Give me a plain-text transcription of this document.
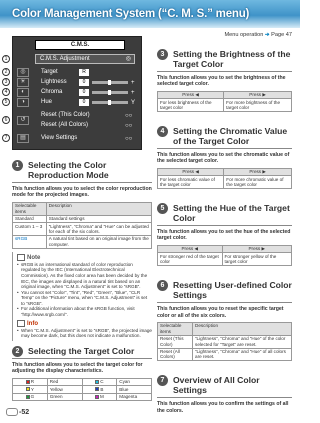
Color Management System (“C. M. S.” menu)
C.M.S.
C.M.S. Adjustment	◎
1
Target	R
2	◎
Lightness	0	+
3	☀
Chroma	0	+
4	◐
Hue	0	Y
5	◑
Reset (This Color)	○○
Reset (All Colors)	○○
6	↺
View Settings	○○
7	▤
1 Selecting the Color Reproduction Mode
This function allows you to select the color reproduction mode for the projected images.
Selectable items	Description
Standard	Standard settings
Custom 1 – 3	“Lightness”, “Chroma” and “Hue” can be adjusted for each of the six colors.
sRGB	A natural tint based on an original image from the computer.
Note
• sRGB is an international standard of color reproduction regulated by the IEC (International Electrotechnical Commission). As the fixed color area has been decided by the IEC, the images are displayed in a natural tint based on an original image, when “C.M.S. Adjustment” is set to “sRGB”.
• You cannot set “Color”, “Tint”, “Red”, “Green”, “Blue”, “CLR Temp” on the “Picture” menu, when “C.M.S. Adjustment” is set to “sRGB”.
• For additional information about the sRGB function, visit “http://www.srgb.com/”.
Info
• When “C.M.S. Adjustment” is set to “sRGB”, the projected image may become dark, but this does not indicate a malfunction.
2 Selecting the Target Color
This function allows you to select the target color for adjusting the display characteristics.
R	Red	C	Cyan
Y	Yellow	B	Blue
G	Green	M	Magenta
Menu operation ➔ Page 47
3 Setting the Brightness of the Target Color
This function allows you to set the brightness of the selected target color.
Press ◀	Press ▶
For less brightness of the target color	For more brightness of the target color
4 Setting the Chromatic Value of the Target Color
This function allows you to set the chromatic value of the selected target color.
Press ◀	Press ▶
For less chromatic value of the target color	For more chromatic value of the target color
5 Setting the Hue of the Target Color
This function allows you to set the hue of the selected target color.
Press ◀	Press ▶
For stronger red of the target color	For stronger yellow of the target color
6 Resetting User-defined Color Settings
This function allows you to reset the specific target color or all of the six colors.
Selectable items	Description
Reset (This Color)	“Lightness”, “Chroma” and “Hue” of the color selected for “Target” are reset.
Reset (All Colors)	“Lightness”, “Chroma” and “Hue” of all colors are reset.
7 Overview of All Color Settings
This function allows you to confirm the settings of all the colors.
-52
